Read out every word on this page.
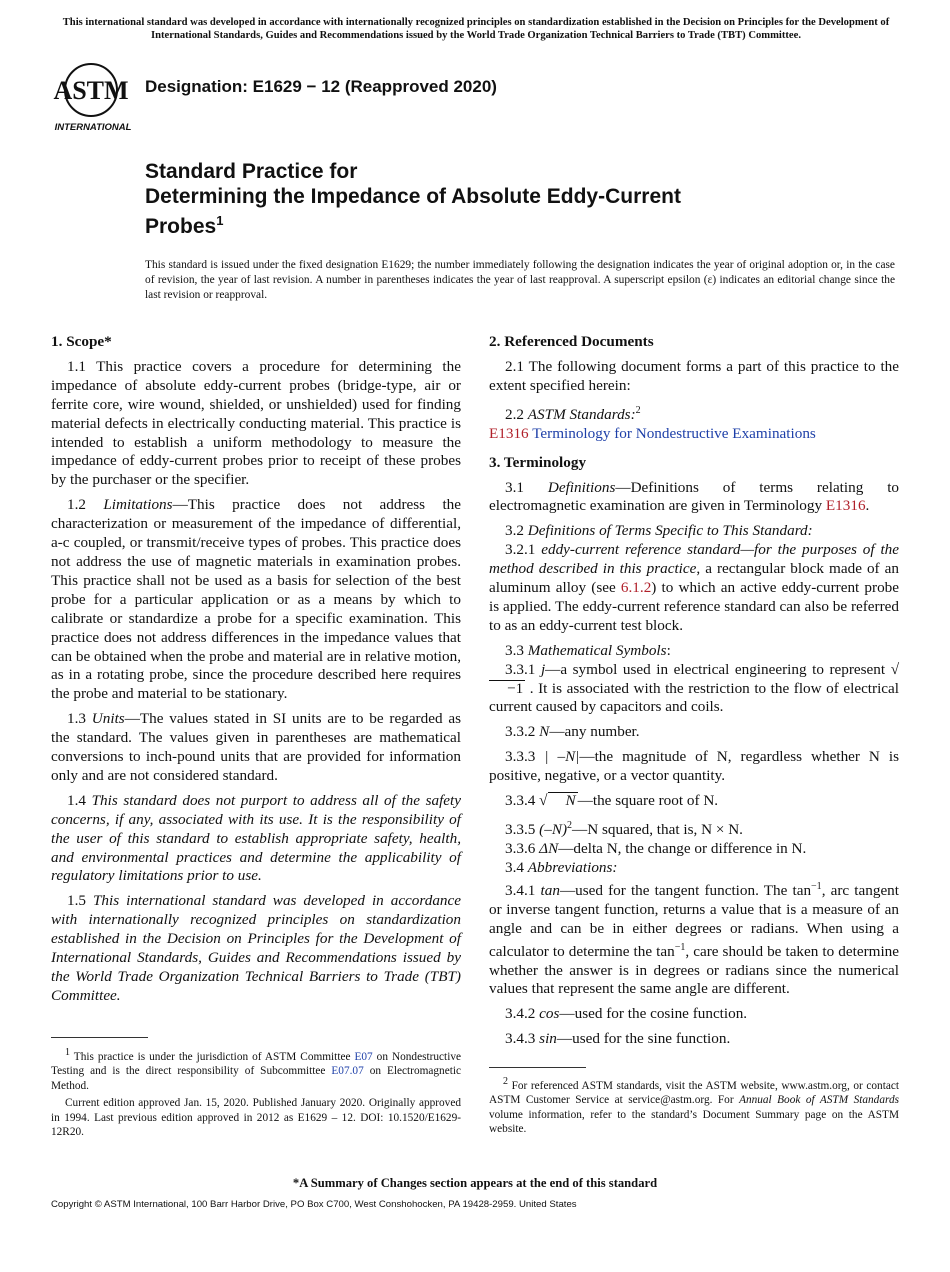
This international standard was developed in accordance with internationally recognized principles on standardization established in the Decision on Principles for the Development of International Standards, Guides and Recommendations issued by the World Trade Organization Technical Barriers to Trade (TBT) Committee.
ASTM
INTERNATIONAL
Designation: E1629 − 12 (Reapproved 2020)
Standard Practice for
Determining the Impedance of Absolute Eddy-Current
Probes$^1$
This standard is issued under the fixed designation E1629; the number immediately following the designation indicates the year of original adoption or, in the case of revision, the year of last revision. A number in parentheses indicates the year of last reapproval. A superscript epsilon (ε) indicates an editorial change since the last revision or reapproval.
1. Scope*

1.1 This practice covers a procedure for determining the impedance of absolute eddy-current probes (bridge-type, air or ferrite core, wire wound, shielded, or unshielded) used for finding material defects in electrically conducting material. This practice is intended to establish a uniform methodology to measure the impedance of eddy-current probes prior to receipt of these probes by the purchaser or the specifier.

1.2 Limitations—This practice does not address the characterization or measurement of the impedance of differential, a-c coupled, or transmit/receive types of probes. This practice does not address the use of magnetic materials in examination probes. This practice shall not be used as a basis for selection of the best probe for a particular application or as a means by which to calibrate or standardize a probe for a specific examination. This practice does not address differences in the impedance values that can be obtained when the probe and material are in relative motion, as in a rotating probe, since the procedure described here requires the probe and material to be stationary.

1.3 Units—The values stated in SI units are to be regarded as the standard. The values given in parentheses are mathematical conversions to inch-pound units that are provided for information only and are not considered standard.

1.4 This standard does not purport to address all of the safety concerns, if any, associated with its use. It is the responsibility of the user of this standard to establish appropriate safety, health, and environmental practices and determine the applicability of regulatory limitations prior to use.

1.5 This international standard was developed in accordance with internationally recognized principles on standardization established in the Decision on Principles for the Development of International Standards, Guides and Recommendations issued by the World Trade Organization Technical Barriers to Trade (TBT) Committee.

$^1$ This practice is under the jurisdiction of ASTM Committee E07 on Nondestructive Testing and is the direct responsibility of Subcommittee E07.07 on Electromagnetic Method.

Current edition approved Jan. 15, 2020. Published January 2020. Originally approved in 1994. Last previous edition approved in 2012 as E1629 – 12. DOI: 10.1520/E1629-12R20.

2. Referenced Documents

2.1 The following document forms a part of this practice to the extent specified herein:

2.2 ASTM Standards:$^2$

E1316 Terminology for Nondestructive Examinations

3. Terminology

3.1 Definitions—Definitions of terms relating to electromagnetic examination are given in Terminology E1316.

3.2 Definitions of Terms Specific to This Standard:

3.2.1 eddy-current reference standard—for the purposes of the method described in this practice, a rectangular block made of an aluminum alloy (see 6.1.2) to which an active eddy-current probe is applied. The eddy-current reference standard can also be referred to as an eddy-current test block.

3.3 Mathematical Symbols:

3.3.1 j—a symbol used in electrical engineering to represent √−1 . It is associated with the restriction to the flow of electrical current caused by capacitors and coils.

3.3.2 N—any number.

3.3.3 | –N|—the magnitude of N, regardless whether N is positive, negative, or a vector quantity.

3.3.4 √ N —the square root of N.

3.3.5 $(-N)^2—N$ squared, that is, N × N.

3.3.6 ΔN—delta N, the change or difference in N.

3.4 Abbreviations:

3.4.1 tan—used for the tangent function. The $\tan^{-1}$, arc tangent or inverse tangent function, returns a value that is a measure of an angle and can be in either degrees or radians. When using a calculator to determine the $\tan^{-1}$, care should be taken to determine whether the answer is in degrees or radians since the numerical values that represent the same angle are different.

3.4.2 cos—used for the cosine function.

3.4.3 sin—used for the sine function.

$^2$ For referenced ASTM standards, visit the ASTM website, www.astm.org, or contact ASTM Customer Service at service@astm.org. For Annual Book of ASTM Standards volume information, refer to the standard’s Document Summary page on the ASTM website.

*A Summary of Changes section appears at the end of this standard
Copyright © ASTM International, 100 Barr Harbor Drive, PO Box C700, West Conshohocken, PA 19428-2959. United States
